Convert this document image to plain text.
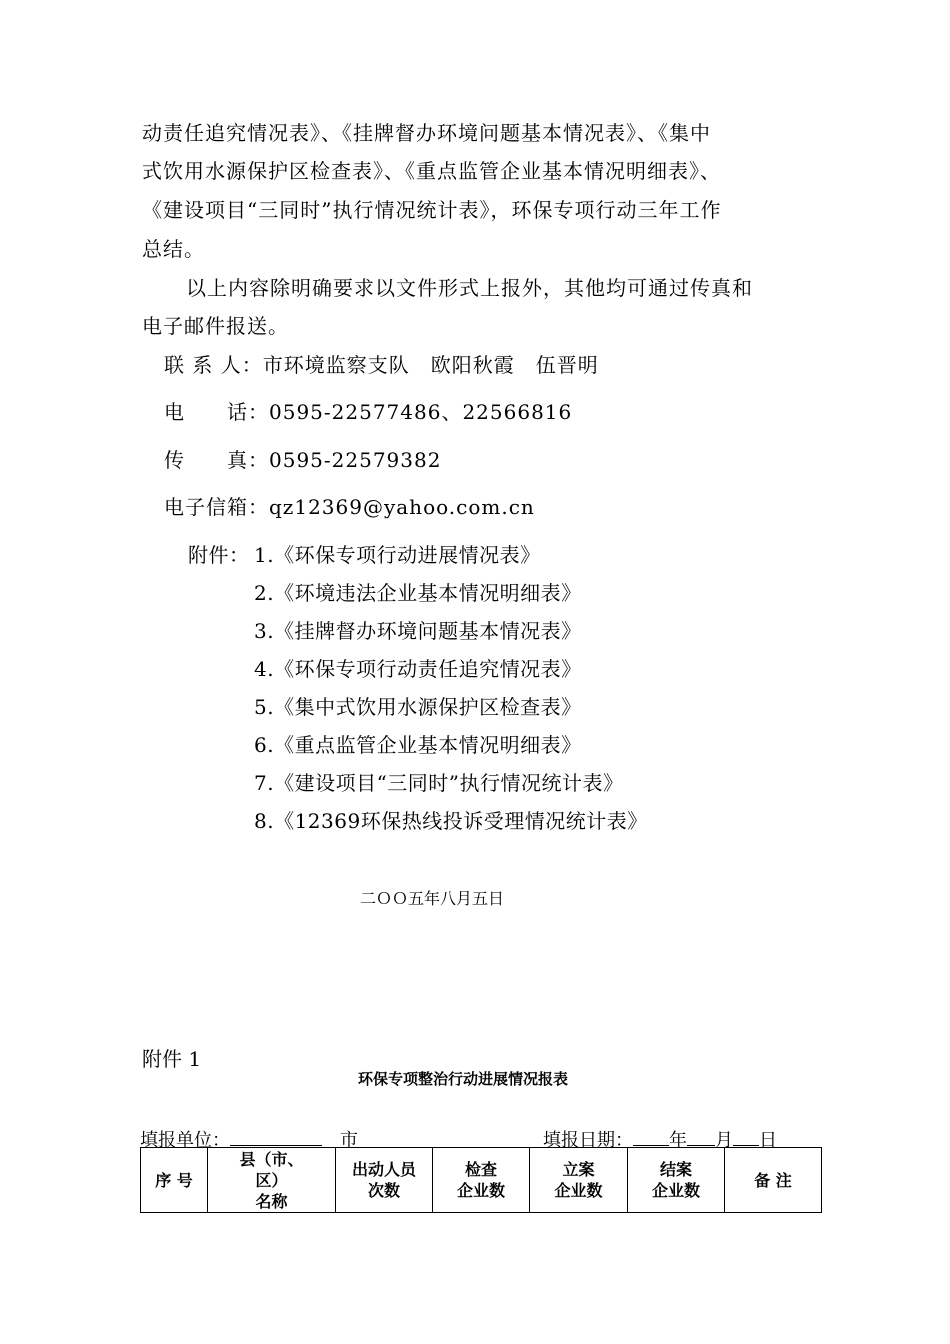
动责任追究情况表》、《挂牌督办环境问题基本情况表》、《集中
式饮用水源保护区检查表》、《重点监管企业基本情况明细表》、
《建设项目“三同时”执行情况统计表》，环保专项行动三年工作
总结。
以上内容除明确要求以文件形式上报外，其他均可通过传真和
电子邮件报送。
联 系 人：市环境监察支队　欧阳秋霞　伍晋明
电　　话：0595-22577486、22566816
传　　真：0595-22579382
电子信箱：qz12369@yahoo.com.cn
附件： 1.《环保专项行动进展情况表》
2.《环境违法企业基本情况明细表》
3.《挂牌督办环境问题基本情况表》
4.《环保专项行动责任追究情况表》
5.《集中式饮用水源保护区检查表》
6.《重点监管企业基本情况明细表》
7.《建设项目“三同时”执行情况统计表》
8.《12369环保热线投诉受理情况统计表》
二ＯＯ五年八月五日
附件 1
环保专项整治行动进展情况报表
填报单位：	市	填报日期： 年 月 日
序 号	县（市、
区）
名称	出动人员
次数	检查
企业数	立案
企业数	结案
企业数	备 注
